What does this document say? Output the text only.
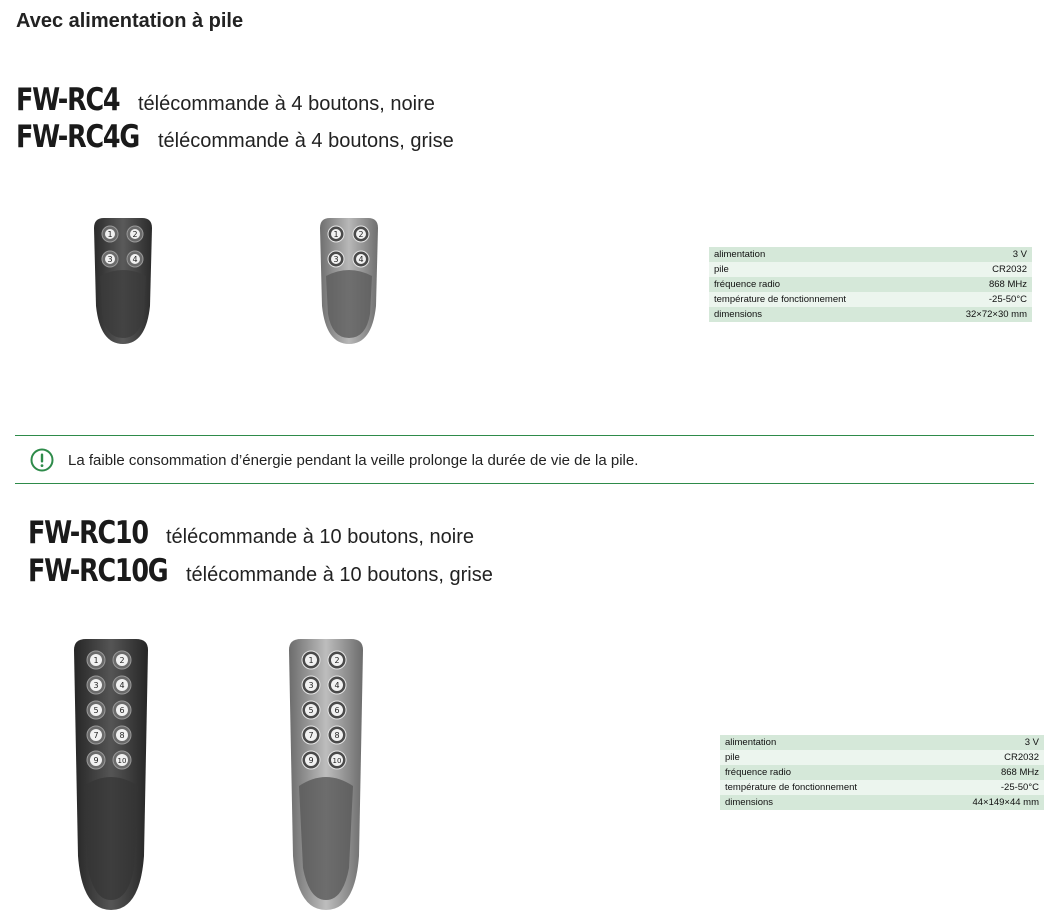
Avec alimentation à pile
FW-RC4 télécommande à 4 boutons, noire
FW-RC4G télécommande à 4 boutons, grise
1 2
3 4
1 2
3 4	alimentation	3 V
pile	CR2032
fréquence radio	868 MHz
température de fonctionnement	-25-50°C
dimensions	32×72×30 mm
La faible consommation d’énergie pendant la veille prolonge la durée de vie de la pile.
FW-RC10 télécommande à 10 boutons, noire
FW-RC10G télécommande à 10 boutons, grise
1	2
3	4
5	6
7	8
9	10
1	2
3	4
5	6
7	8
9	10
alimentation	3 V
pile	CR2032
fréquence radio	868 MHz
température de fonctionnement	-25-50°C
dimensions	44×149×44 mm
